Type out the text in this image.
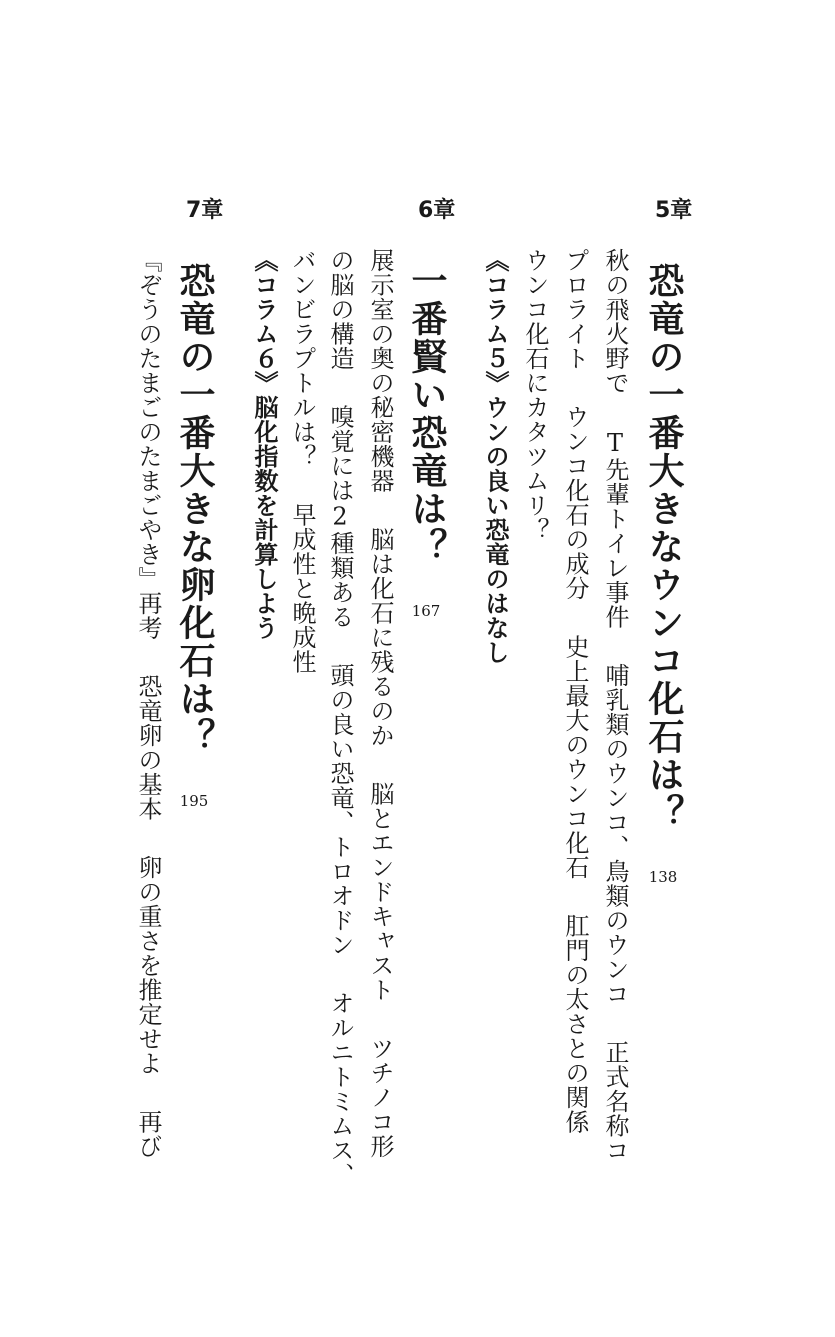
5章
恐竜の一番大きなウンコ化石は？138
秋の飛火野でT先輩トイレ事件哺乳類のウンコ、鳥類のウンコ正式名称コ
プロライトウンコ化石の成分史上最大のウンコ化石肛門の太さとの関係
ウンコ化石にカタツムリ？
《コラム５》ウンの良い恐竜のはなし
6章
一番賢い恐竜は？167
展示室の奥の秘密機器脳は化石に残るのか脳とエンドキャストツチノコ形
の脳の構造嗅覚には2種類ある頭の良い恐竜、トロオドンオルニトミムス、
バンビラプトルは？早成性と晩成性
《コラム６》脳化指数を計算しよう
7章
恐竜の一番大きな卵化石は？195
『ぞうのたまごのたまごやき』再考恐竜卵の基本卵の重さを推定せよ再び
